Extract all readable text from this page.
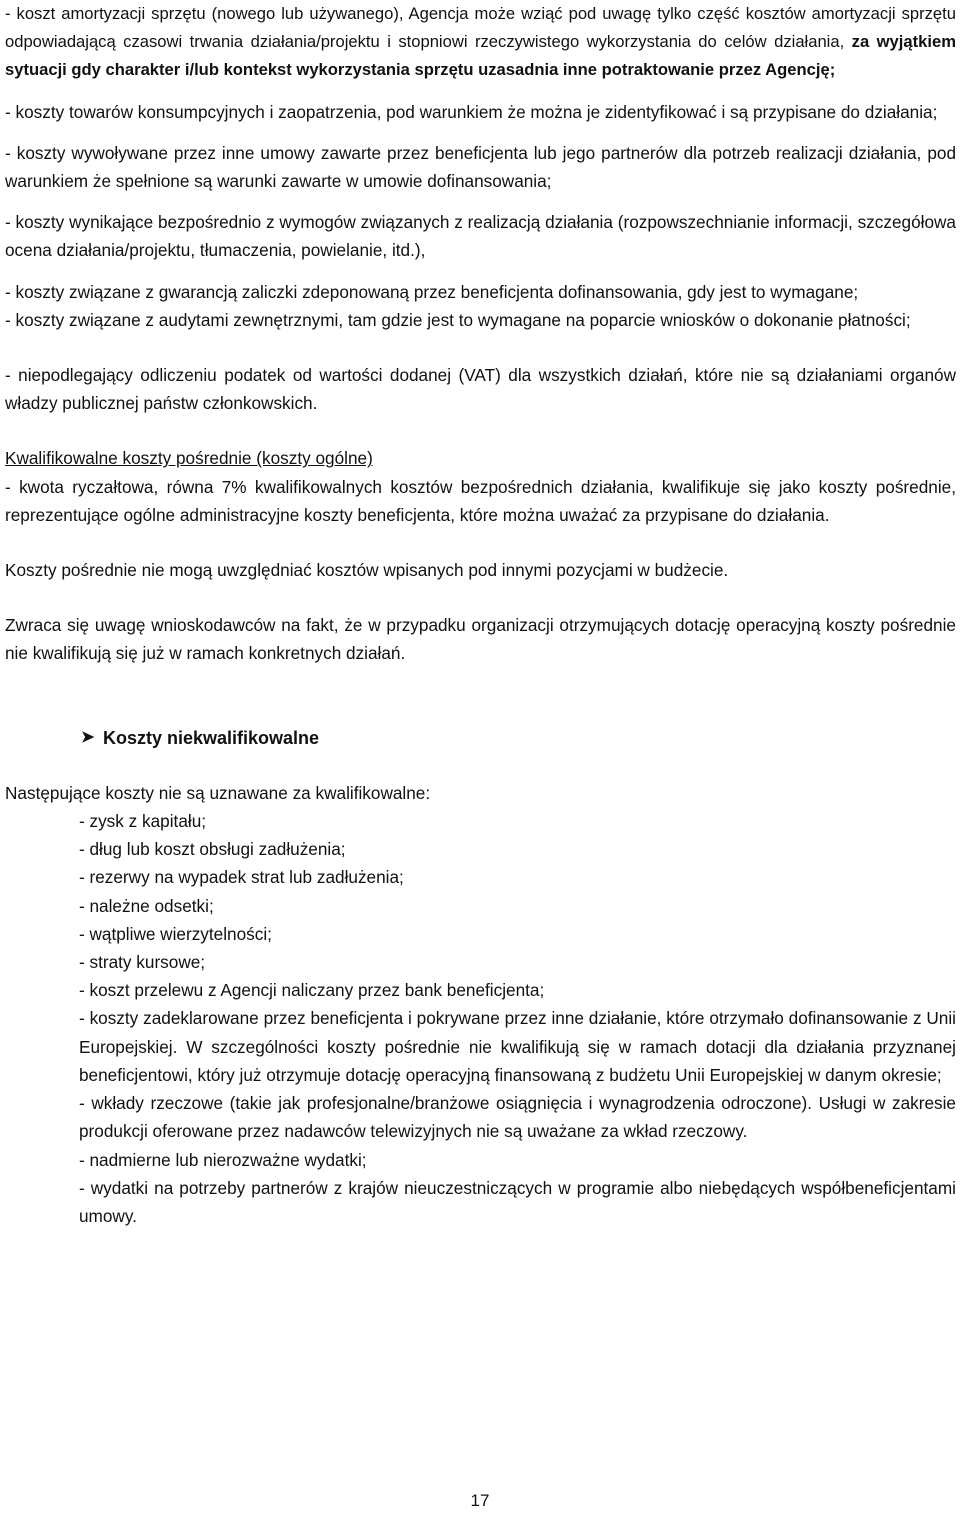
- koszt amortyzacji sprzętu (nowego lub używanego), Agencja może wziąć pod uwagę tylko część kosztów amortyzacji sprzętu odpowiadającą czasowi trwania działania/projektu i stopniowi rzeczywistego wykorzystania do celów działania, za wyjątkiem sytuacji gdy charakter i/lub kontekst wykorzystania sprzętu uzasadnia inne potraktowanie przez Agencję;

- koszty towarów konsumpcyjnych i zaopatrzenia, pod warunkiem że można je zidentyfikować i są przypisane do działania;

- koszty wywoływane przez inne umowy zawarte przez beneficjenta lub jego partnerów dla potrzeb realizacji działania, pod warunkiem że spełnione są warunki zawarte w umowie dofinansowania;

- koszty wynikające bezpośrednio z wymogów związanych z realizacją działania (rozpowszechnianie informacji, szczegółowa ocena działania/projektu, tłumaczenia, powielanie, itd.),

- koszty związane z gwarancją zaliczki zdeponowaną przez beneficjenta dofinansowania, gdy jest to wymagane;

- koszty związane z audytami zewnętrznymi, tam gdzie jest to wymagane na poparcie wniosków o dokonanie płatności;

- niepodlegający odliczeniu podatek od wartości dodanej (VAT) dla wszystkich działań, które nie są działaniami organów władzy publicznej państw członkowskich.

Kwalifikowalne koszty pośrednie (koszty ogólne)

- kwota ryczałtowa, równa 7% kwalifikowalnych kosztów bezpośrednich działania, kwalifikuje się jako koszty pośrednie, reprezentujące ogólne administracyjne koszty beneficjenta, które można uważać za przypisane do działania.

Koszty pośrednie nie mogą uwzględniać kosztów wpisanych pod innymi pozycjami w budżecie.

Zwraca się uwagę wnioskodawców na fakt, że w przypadku organizacji otrzymujących dotację operacyjną koszty pośrednie nie kwalifikują się już w ramach konkretnych działań.

➤ Koszty niekwalifikowalne

Następujące koszty nie są uznawane za kwalifikowalne:

- zysk z kapitału;

- dług lub koszt obsługi zadłużenia;

- rezerwy na wypadek strat lub zadłużenia;

- należne odsetki;

- wątpliwe wierzytelności;

- straty kursowe;

- koszt przelewu z Agencji naliczany przez bank beneficjenta;

- koszty zadeklarowane przez beneficjenta i pokrywane przez inne działanie, które otrzymało dofinansowanie z Unii Europejskiej. W szczególności koszty pośrednie nie kwalifikują się w ramach dotacji dla działania przyznanej beneficjentowi, który już otrzymuje dotację operacyjną finansowaną z budżetu Unii Europejskiej w danym okresie;

- wkłady rzeczowe (takie jak profesjonalne/branżowe osiągnięcia i wynagrodzenia odroczone). Usługi w zakresie produkcji oferowane przez nadawców telewizyjnych nie są uważane za wkład rzeczowy.

- nadmierne lub nierozważne wydatki;

- wydatki na potrzeby partnerów z krajów nieuczestniczących w programie albo niebędących współbeneficjentami umowy.

17
